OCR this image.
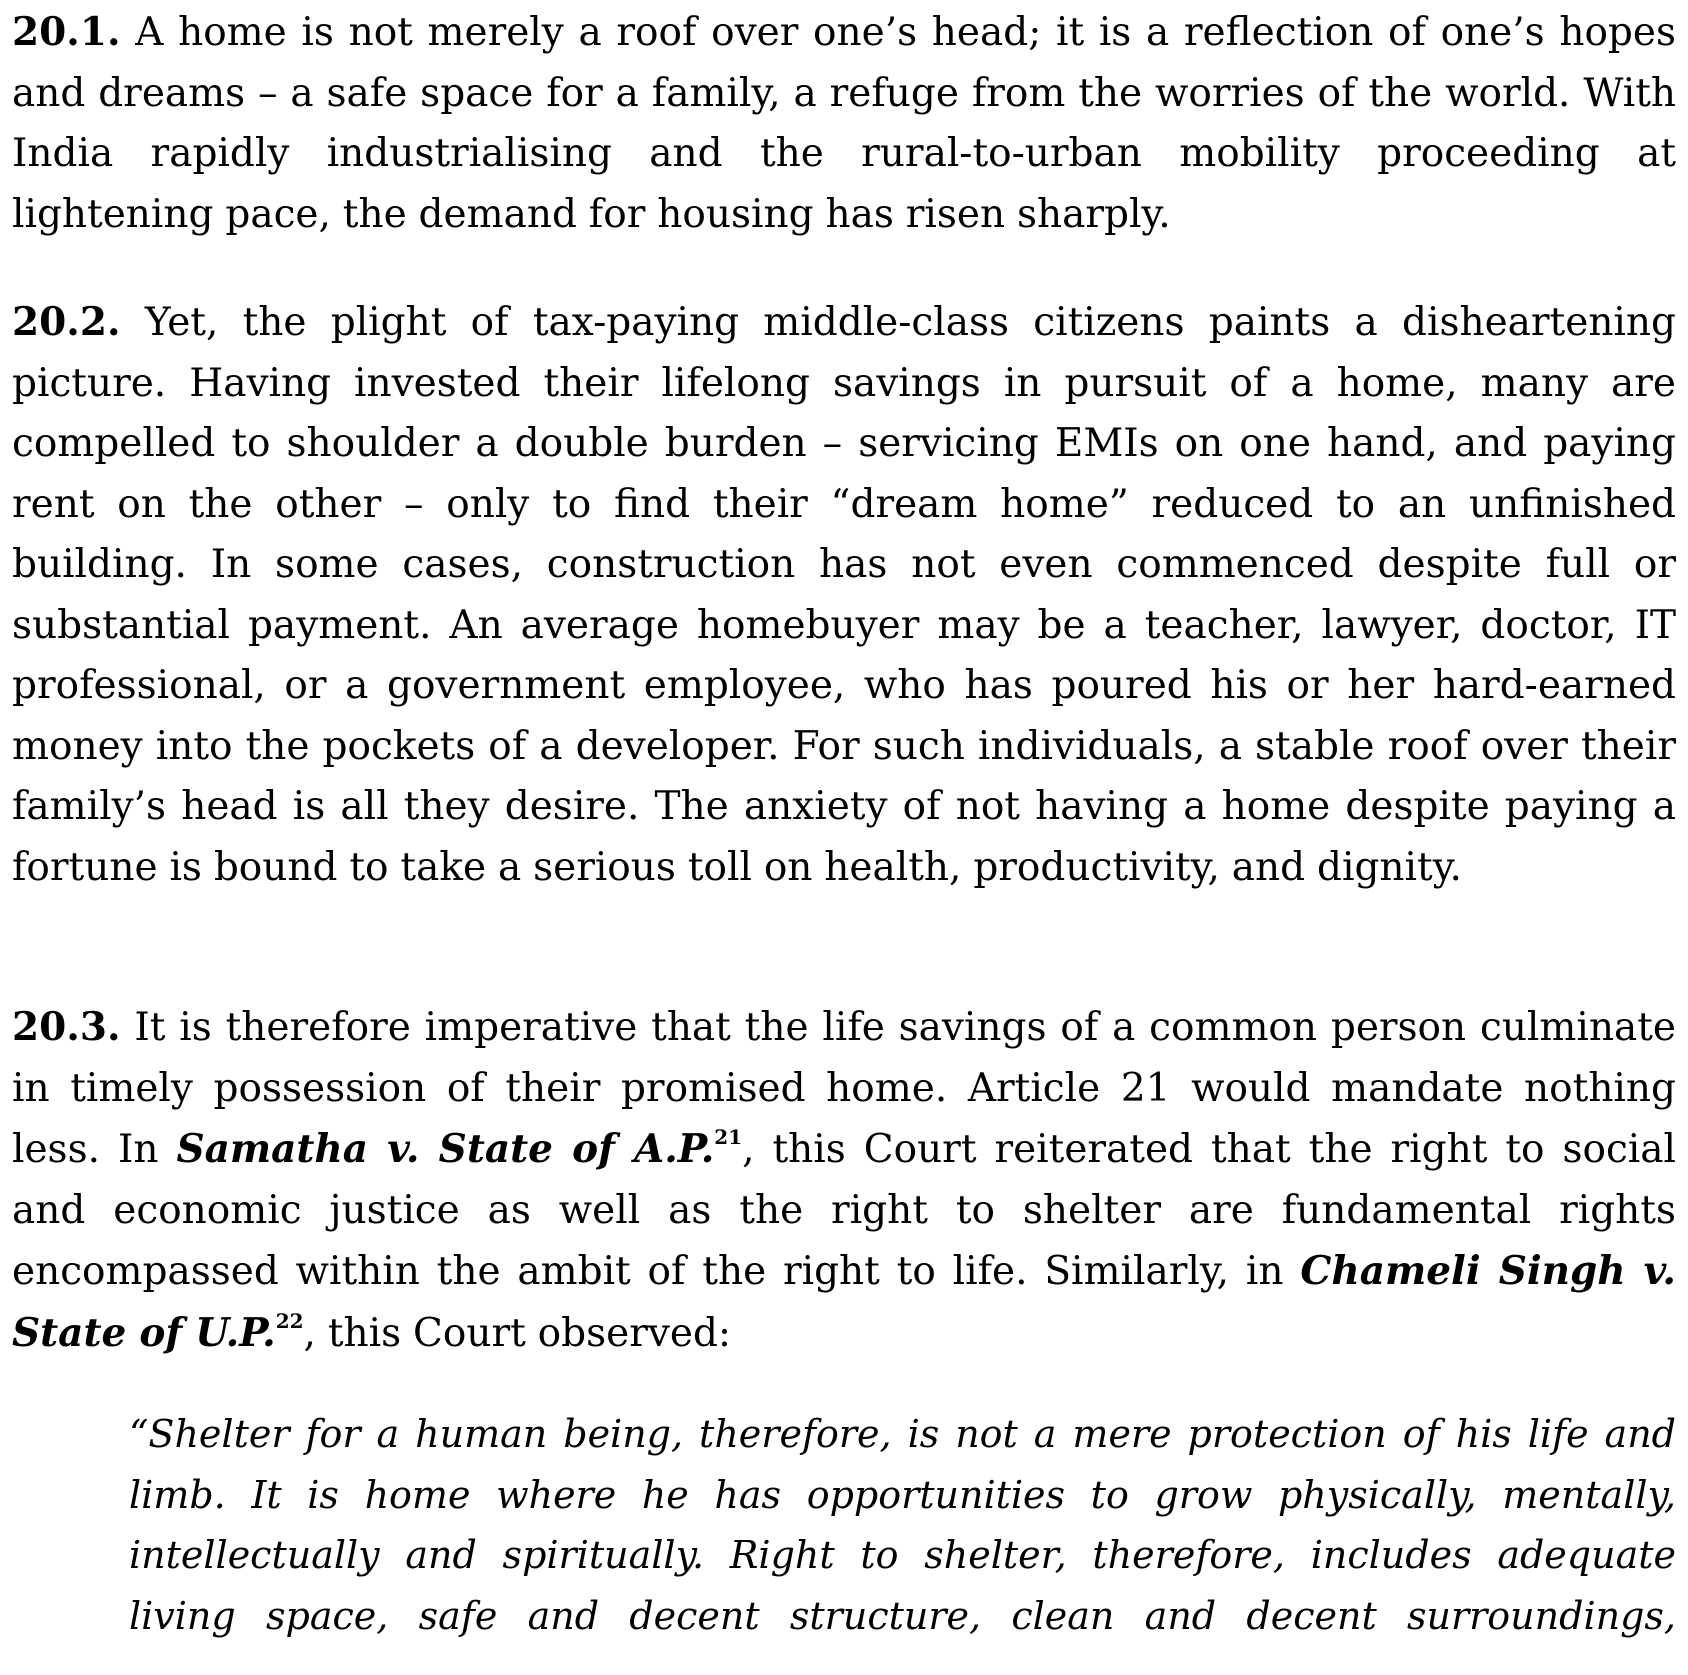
20.1. A home is not merely a roof over one’s head; it is a reflection of one’s hopes and dreams – a safe space for a family, a refuge from the worries of the world. With India rapidly industrialising and the rural-to-urban mobility proceeding at lightening pace, the demand for housing has risen sharply.

20.2. Yet, the plight of tax-paying middle-class citizens paints a disheartening picture. Having invested their lifelong savings in pursuit of a home, many are compelled to shoulder a double burden – servicing EMIs on one hand, and paying rent on the other – only to find their “dream home” reduced to an unfinished building. In some cases, construction has not even commenced despite full or substantial payment. An average homebuyer may be a teacher, lawyer, doctor, IT professional, or a government employee, who has poured his or her hard-earned money into the pockets of a developer. For such individuals, a stable roof over their family’s head is all they desire. The anxiety of not having a home despite paying a fortune is bound to take a serious toll on health, productivity, and dignity.

20.3. It is therefore imperative that the life savings of a common person culminate in timely possession of their promised home. Article 21 would mandate nothing less. In Samatha v. State of A.P.$^{21}$, this Court reiterated that the right to social and economic justice as well as the right to shelter are fundamental rights encompassed within the ambit of the right to life. Similarly, in Chameli Singh v. State of U.P.$^{22}$, this Court observed:

“Shelter for a human being, therefore, is not a mere protection of his life and limb. It is home where he has opportunities to grow physically, mentally, intellectually and spiritually. Right to shelter, therefore, includes adequate living space, safe and decent structure, clean and decent surroundings,
